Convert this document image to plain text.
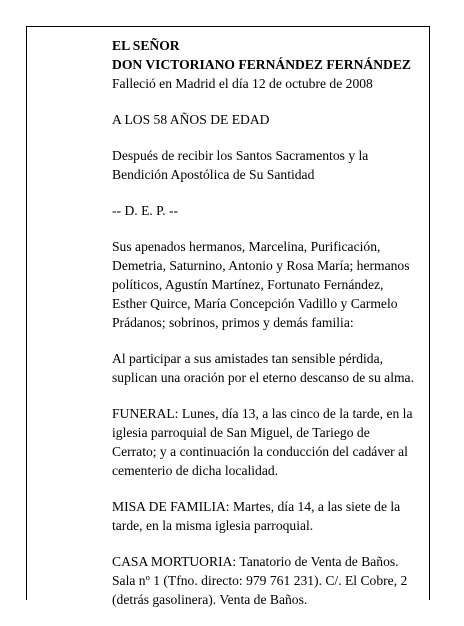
EL SEÑOR
DON VICTORIANO FERNÁNDEZ FERNÁNDEZ
Falleció en Madrid el día 12 de octubre de 2008

A LOS 58 AÑOS DE EDAD

Después de recibir los Santos Sacramentos y la
Bendición Apostólica de Su Santidad

-- D. E. P. --

Sus apenados hermanos, Marcelina, Purificación,
Demetria, Saturnino, Antonio y Rosa María; hermanos
políticos, Agustín Martínez, Fortunato Fernández,
Esther Quirce, María Concepción Vadillo y Carmelo
Prádanos; sobrinos, primos y demás familia:

Al participar a sus amistades tan sensible pérdida,
suplican una oración por el eterno descanso de su alma.

FUNERAL: Lunes, día 13, a las cinco de la tarde, en la
iglesia parroquial de San Miguel, de Tariego de
Cerrato; y a continuación la conducción del cadáver al
cementerio de dicha localidad.

MISA DE FAMILIA: Martes, día 14, a las siete de la
tarde, en la misma iglesia parroquial.

CASA MORTUORIA: Tanatorio de Venta de Baños.
Sala nº 1 (Tfno. directo: 979 761 231). C/. El Cobre, 2
(detrás gasolinera). Venta de Baños.
